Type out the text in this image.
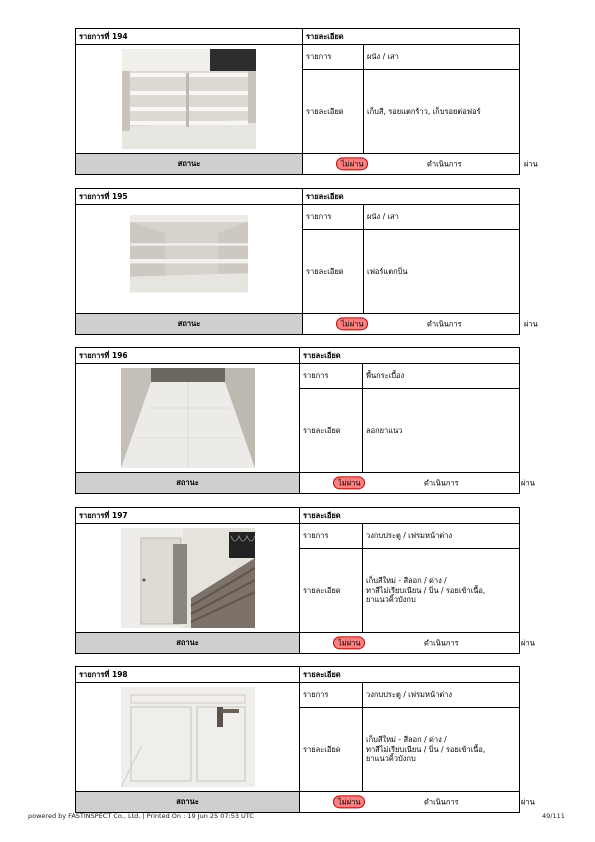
รายการที่ 194	รายละเอียด	
	รายการ	ผนัง / เสา
	รายละเอียด	เก็บสี, รอยแตกร้าว, เก็บรอยต่อฟอร์

สถานะ	ไม่ผ่าน ดำเนินการ ผ่าน	
รายการที่ 195	รายละเอียด	
	รายการ	ผนัง / เสา
	รายละเอียด	เฟอร์แตกบิ่น

สถานะ	ไม่ผ่าน ดำเนินการ ผ่าน	
รายการที่ 196	รายละเอียด	
	รายการ	พื้นกระเบื้อง
	รายละเอียด	ลอกยาแนว

สถานะ	ไม่ผ่าน ดำเนินการ ผ่าน	
รายการที่ 197	รายละเอียด	
	รายการ	วงกบประตู / เฟรมหน้าต่าง
	รายละเอียด	เก็บสีใหม่ - สีลอก / ด่าง /
ทาสีไม่เรียบเนียน / บิ่น / รอยเข้าเนื้อ,
ยาแนวคิ้วบังกบ

สถานะ	ไม่ผ่าน ดำเนินการ ผ่าน	
รายการที่ 198	รายละเอียด	
	รายการ	วงกบประตู / เฟรมหน้าต่าง
	รายละเอียด	เก็บสีใหม่ - สีลอก / ด่าง /
ทาสีไม่เรียบเนียน / บิ่น / รอยเข้าเนื้อ,
ยาแนวคิ้วบังกบ

สถานะ	ไม่ผ่าน ดำเนินการ ผ่าน	
powered by FASTINSPECT Co., Ltd. | Printed On : 19 Jun 25 07:53 UTC	49/111
